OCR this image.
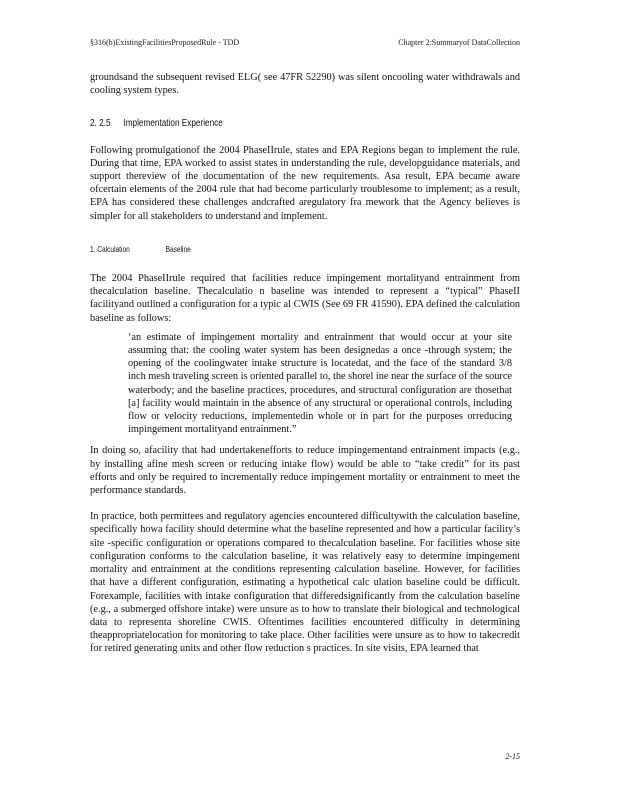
§316(b)ExistingFacilitiesProposedRule - TDD	Chapter 2:Summaryof DataCollection

groundsand the subsequent revised ELG( see 47FR 52290) was silent oncooling water withdrawals and cooling system types.

2. 2.5 Implementation Experience

Following promulgationof the 2004 PhaseIIrule, states and EPA Regions began to implement the rule. During that time, EPA worked to assist states in understanding the rule, developguidance materials, and support thereview of the documentation of the new requirements. Asa result, EPA became aware ofcertain elements of the 2004 rule that had become particularly troublesome to implement; as a result, EPA has considered these challenges andcrafted aregulatory fra mework that the Agency believes is simpler for all stakeholders to understand and implement.

1. Calculation	Baseline

The 2004 PhaseIIrule required that facilities reduce impingement mortalityand entrainment from thecalculation baseline. Thecalculatio n baseline was intended to represent a “typical” PhaseII facilityand outlined a configuration for a typic al CWIS (See 69 FR 41590). EPA defined the calculation baseline as follows:

‘an estimate of impingement mortality and entrainment that would occur at your site assuming that: the cooling water system has been designedas a once -through system; the opening of the coolingwater intake structure is locatedat, and the face of the standard 3/8 inch mesh traveling screen is oriented parallel to, the shorel ine near the surface of the source waterbody; and the baseline practices, procedures, and structural configuration are thosethat [a] facility would maintain in the absence of any structural or operational controls, including flow or velocity reductions, implementedin whole or in part for the purposes orreducing impingement mortalityand entrainment.”

In doing so, afacility that had undertakenefforts to reduce impingementand entrainment impacts (e.g., by installing afine mesh screen or reducing intake flow) would be able to “take credit” for its past efforts and only be required to incrementally reduce impingement mortality or entrainment to meet the performance standards.

In practice, both permittees and regulatory agencies encountered difficultywith the calculation baseline, specifically howa facility should determine what the baseline represented and how a particular facility’s site -specific configuration or operations compared to thecalculation baseline. For facilities whose site configuration conforms to the calculation baseline, it was relatively easy to determine impingement mortality and entrainment at the conditions representing calculation baseline. However, for facilities that have a different configuration, estimating a hypothetical calc ulation baseline could be difficult. Forexample, facilities with intake configuration that differedsignificantly from the calculation baseline (e.g., a submerged offshore intake) were unsure as to how to translate their biological and technological data to representa shoreline CWIS. Oftentimes facilities encountered difficulty in determining theappropriatelocation for monitoring to take place. Other facilities were unsure as to how to takecredit for retired generating units and other flow reduction s practices. In site visits, EPA learned that

2-15
